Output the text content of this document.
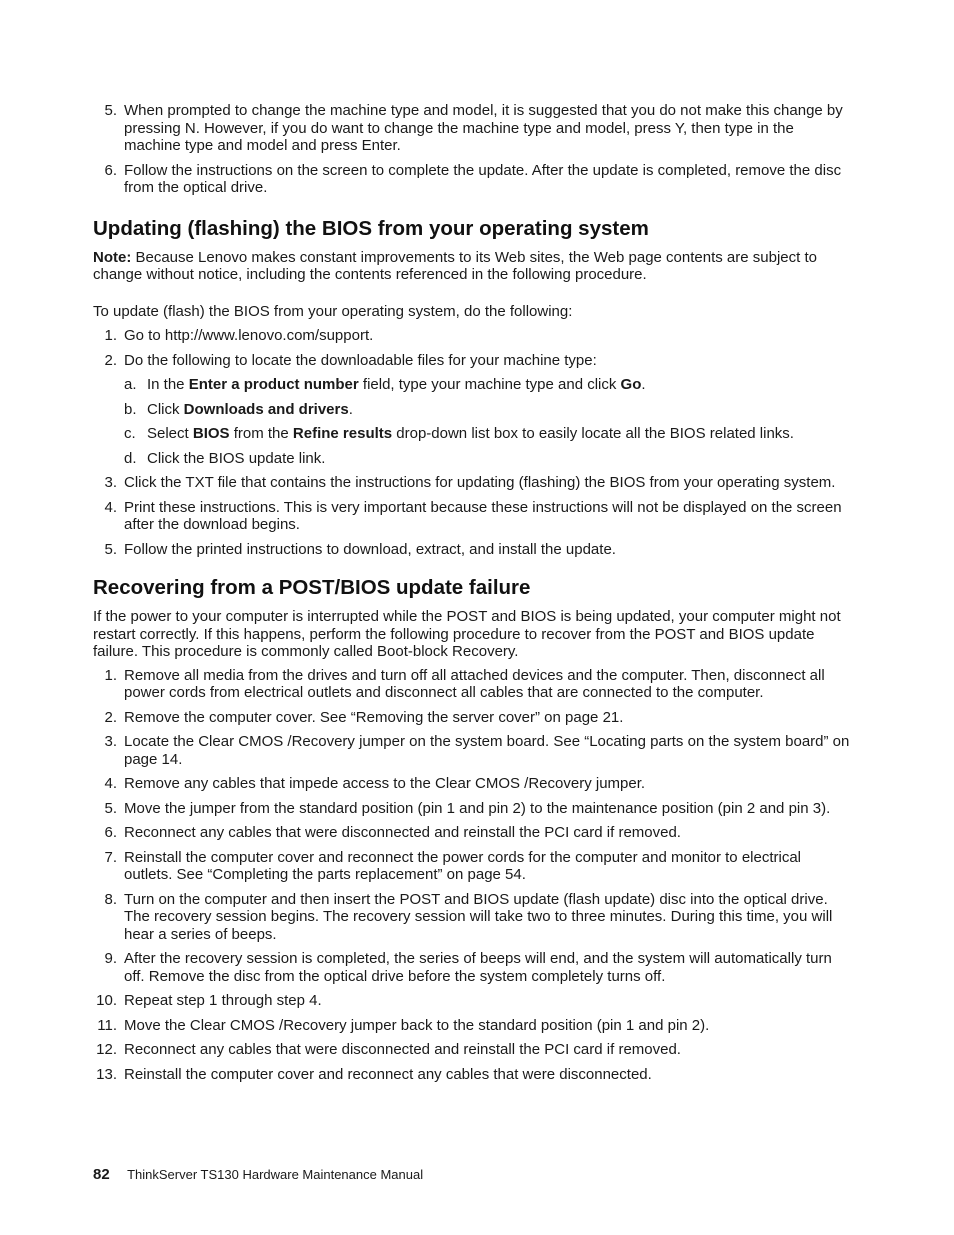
5. When prompted to change the machine type and model, it is suggested that you do not make this change by pressing N. However, if you do want to change the machine type and model, press Y, then type in the machine type and model and press Enter.
6. Follow the instructions on the screen to complete the update. After the update is completed, remove the disc from the optical drive.
Updating (flashing) the BIOS from your operating system

Note: Because Lenovo makes constant improvements to its Web sites, the Web page contents are subject to change without notice, including the contents referenced in the following procedure.

To update (flash) the BIOS from your operating system, do the following:

1. Go to http://www.lenovo.com/support.
2. Do the following to locate the downloadable files for your machine type:
a. In the Enter a product number field, type your machine type and click Go.
b. Click Downloads and drivers.
c. Select BIOS from the Refine results drop-down list box to easily locate all the BIOS related links.
d. Click the BIOS update link.
3. Click the TXT file that contains the instructions for updating (flashing) the BIOS from your operating system.
4. Print these instructions. This is very important because these instructions will not be displayed on the screen after the download begins.
5. Follow the printed instructions to download, extract, and install the update.
Recovering from a POST/BIOS update failure

If the power to your computer is interrupted while the POST and BIOS is being updated, your computer might not restart correctly. If this happens, perform the following procedure to recover from the POST and BIOS update failure. This procedure is commonly called Boot-block Recovery.

1. Remove all media from the drives and turn off all attached devices and the computer. Then, disconnect all power cords from electrical outlets and disconnect all cables that are connected to the computer.
2. Remove the computer cover. See “Removing the server cover” on page 21.
3. Locate the Clear CMOS /Recovery jumper on the system board. See “Locating parts on the system board” on page 14.
4. Remove any cables that impede access to the Clear CMOS /Recovery jumper.
5. Move the jumper from the standard position (pin 1 and pin 2) to the maintenance position (pin 2 and pin 3).
6. Reconnect any cables that were disconnected and reinstall the PCI card if removed.
7. Reinstall the computer cover and reconnect the power cords for the computer and monitor to electrical outlets. See “Completing the parts replacement” on page 54.
8. Turn on the computer and then insert the POST and BIOS update (flash update) disc into the optical drive. The recovery session begins. The recovery session will take two to three minutes. During this time, you will hear a series of beeps.
9. After the recovery session is completed, the series of beeps will end, and the system will automatically turn off. Remove the disc from the optical drive before the system completely turns off.
10. Repeat step 1 through step 4.
11. Move the Clear CMOS /Recovery jumper back to the standard position (pin 1 and pin 2).
12. Reconnect any cables that were disconnected and reinstall the PCI card if removed.
13. Reinstall the computer cover and reconnect any cables that were disconnected.
82 ThinkServer TS130 Hardware Maintenance Manual
